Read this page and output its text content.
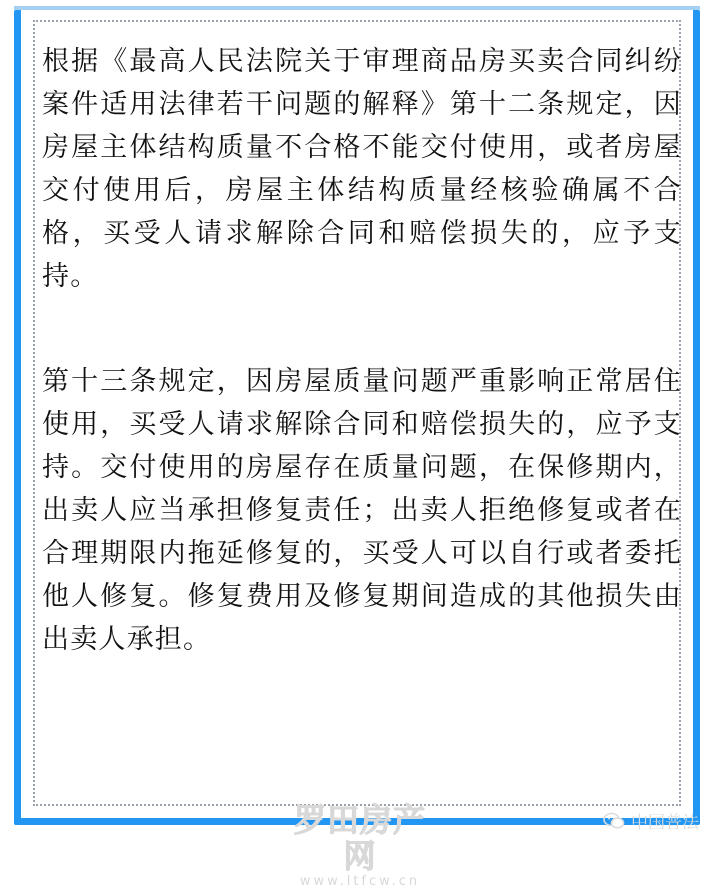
根据《最高人民法院关于审理商品房买卖合同纠纷案件适用法律若干问题的解释》第十二条规定，因房屋主体结构质量不合格不能交付使用，或者房屋交付使用后，房屋主体结构质量经核验确属不合格，买受人请求解除合同和赔偿损失的，应予支持。

第十三条规定，因房屋质量问题严重影响正常居住使用，买受人请求解除合同和赔偿损失的，应予支持。交付使用的房屋存在质量问题，在保修期内，出卖人应当承担修复责任；出卖人拒绝修复或者在合理期限内拖延修复的，买受人可以自行或者委托他人修复。修复费用及修复期间造成的其他损失由出卖人承担。

罗田房产网
www.ltfcw.cn
中国普法
